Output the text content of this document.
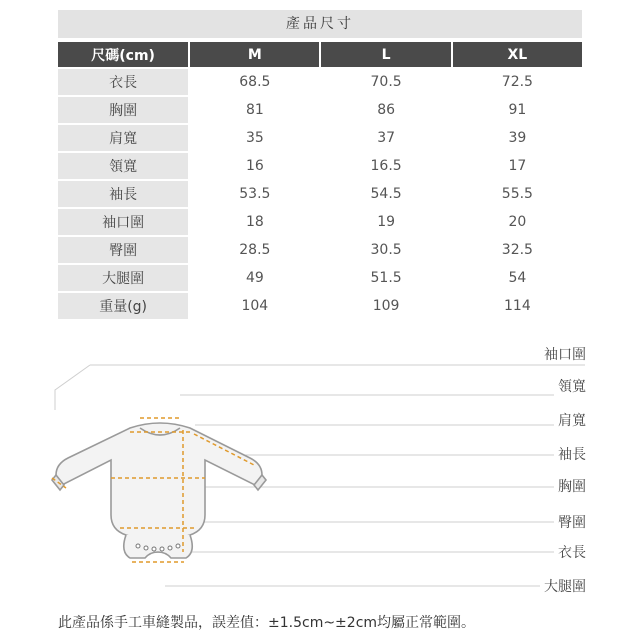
產品尺寸
尺碼(cm)	M	L	XL
衣長	68.5	70.5	72.5
胸圍	81	86	91
肩寬	35	37	39
領寬	16	16.5	17
袖長	53.5	54.5	55.5
袖口圍	18	19	20
臀圍	28.5	30.5	32.5
大腿圍	49	51.5	54
重量(g)	104	109	114
袖口圍
領寬
肩寬
袖長
胸圍
臀圍
衣長
大腿圍
此產品係手工車縫製品，誤差值：±1.5cm~±2cm均屬正常範圍。
